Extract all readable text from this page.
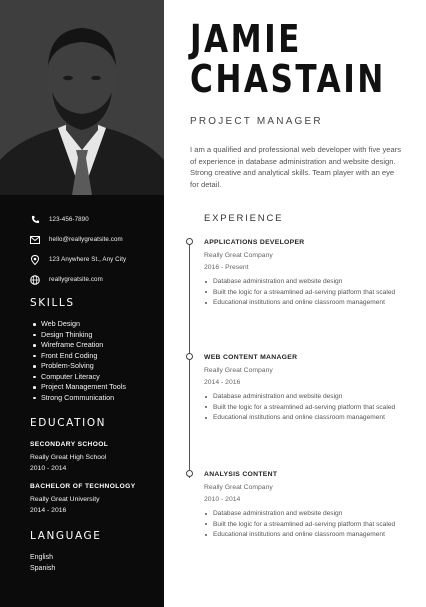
123-456-7890
hello@reallygreatsite.com
123 Anywhere St., Any City
reallygreatsite.com
SKILLS
Web Design
Design Thinking
Wireframe Creation
Front End Coding
Problem-Solving
Computer Literacy
Project Management Tools
Strong Communication
EDUCATION
SECONDARY SCHOOL
Really Great High School
2010 - 2014
BACHELOR OF TECHNOLOGY
Really Great University
2014 - 2016
LANGUAGE
English
Spanish
JAMIE
CHASTAIN
PROJECT MANAGER
I am a qualified and professional web developer with five years of experience in database administration and website design. Strong creative and analytical skills. Team player with an eye for detail.
EXPERIENCE
APPLICATIONS DEVELOPER
Really Great Company
2016 - Present
Database administration and website design
Built the logic for a streamlined ad-serving platform that scaled
Educational institutions and online classroom management
WEB CONTENT MANAGER
Really Great Company
2014 - 2016
Database administration and website design
Built the logic for a streamlined ad-serving platform that scaled
Educational institutions and online classroom management
ANALYSIS CONTENT
Really Great Company
2010 - 2014
Database administration and website design
Built the logic for a streamlined ad-serving platform that scaled
Educational institutions and online classroom management
